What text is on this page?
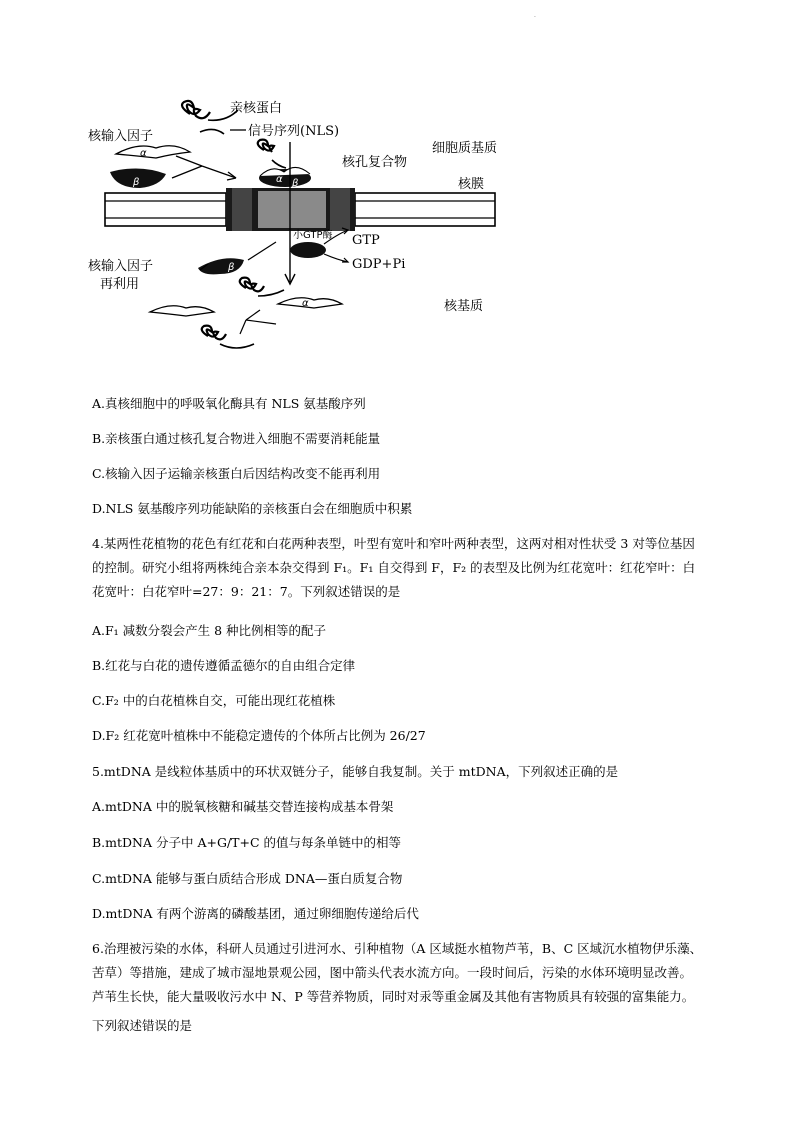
·
α β
α
β
β
α
亲核蛋白
核输入因子	信号序列(NLS)
细胞质基质
核孔复合物
核膜
GTP
小GTP酶
GDP+Pi
核输入因子
再利用
核基质
A.真核细胞中的呼吸氧化酶具有 NLS 氨基酸序列
B.亲核蛋白通过核孔复合物进入细胞不需要消耗能量
C.核输入因子运输亲核蛋白后因结构改变不能再利用
D.NLS 氨基酸序列功能缺陷的亲核蛋白会在细胞质中积累
4.某两性花植物的花色有红花和白花两种表型，叶型有宽叶和窄叶两种表型，这两对相对性状受 3 对等位基因的控制。研究小组将两株纯合亲本杂交得到 F₁。F₁ 自交得到 F，F₂ 的表型及比例为红花宽叶：红花窄叶：白花宽叶：白花窄叶=27：9：21：7。下列叙述错误的是
A.F₁ 减数分裂会产生 8 种比例相等的配子
B.红花与白花的遗传遵循孟德尔的自由组合定律
C.F₂ 中的白花植株自交，可能出现红花植株
D.F₂ 红花宽叶植株中不能稳定遗传的个体所占比例为 26/27
5.mtDNA 是线粒体基质中的环状双链分子，能够自我复制。关于 mtDNA，下列叙述正确的是
A.mtDNA 中的脱氧核糖和碱基交替连接构成基本骨架
B.mtDNA 分子中 A+G/T+C 的值与每条单链中的相等
C.mtDNA 能够与蛋白质结合形成 DNA—蛋白质复合物
D.mtDNA 有两个游离的磷酸基团，通过卵细胞传递给后代
6.治理被污染的水体，科研人员通过引进河水、引种植物（A 区域挺水植物芦苇，B、C 区域沉水植物伊乐藻、苦草）等措施，建成了城市湿地景观公园，图中箭头代表水流方向。一段时间后，污染的水体环境明显改善。芦苇生长快，能大量吸收污水中 N、P 等营养物质，同时对汞等重金属及其他有害物质具有较强的富集能力。
下列叙述错误的是
